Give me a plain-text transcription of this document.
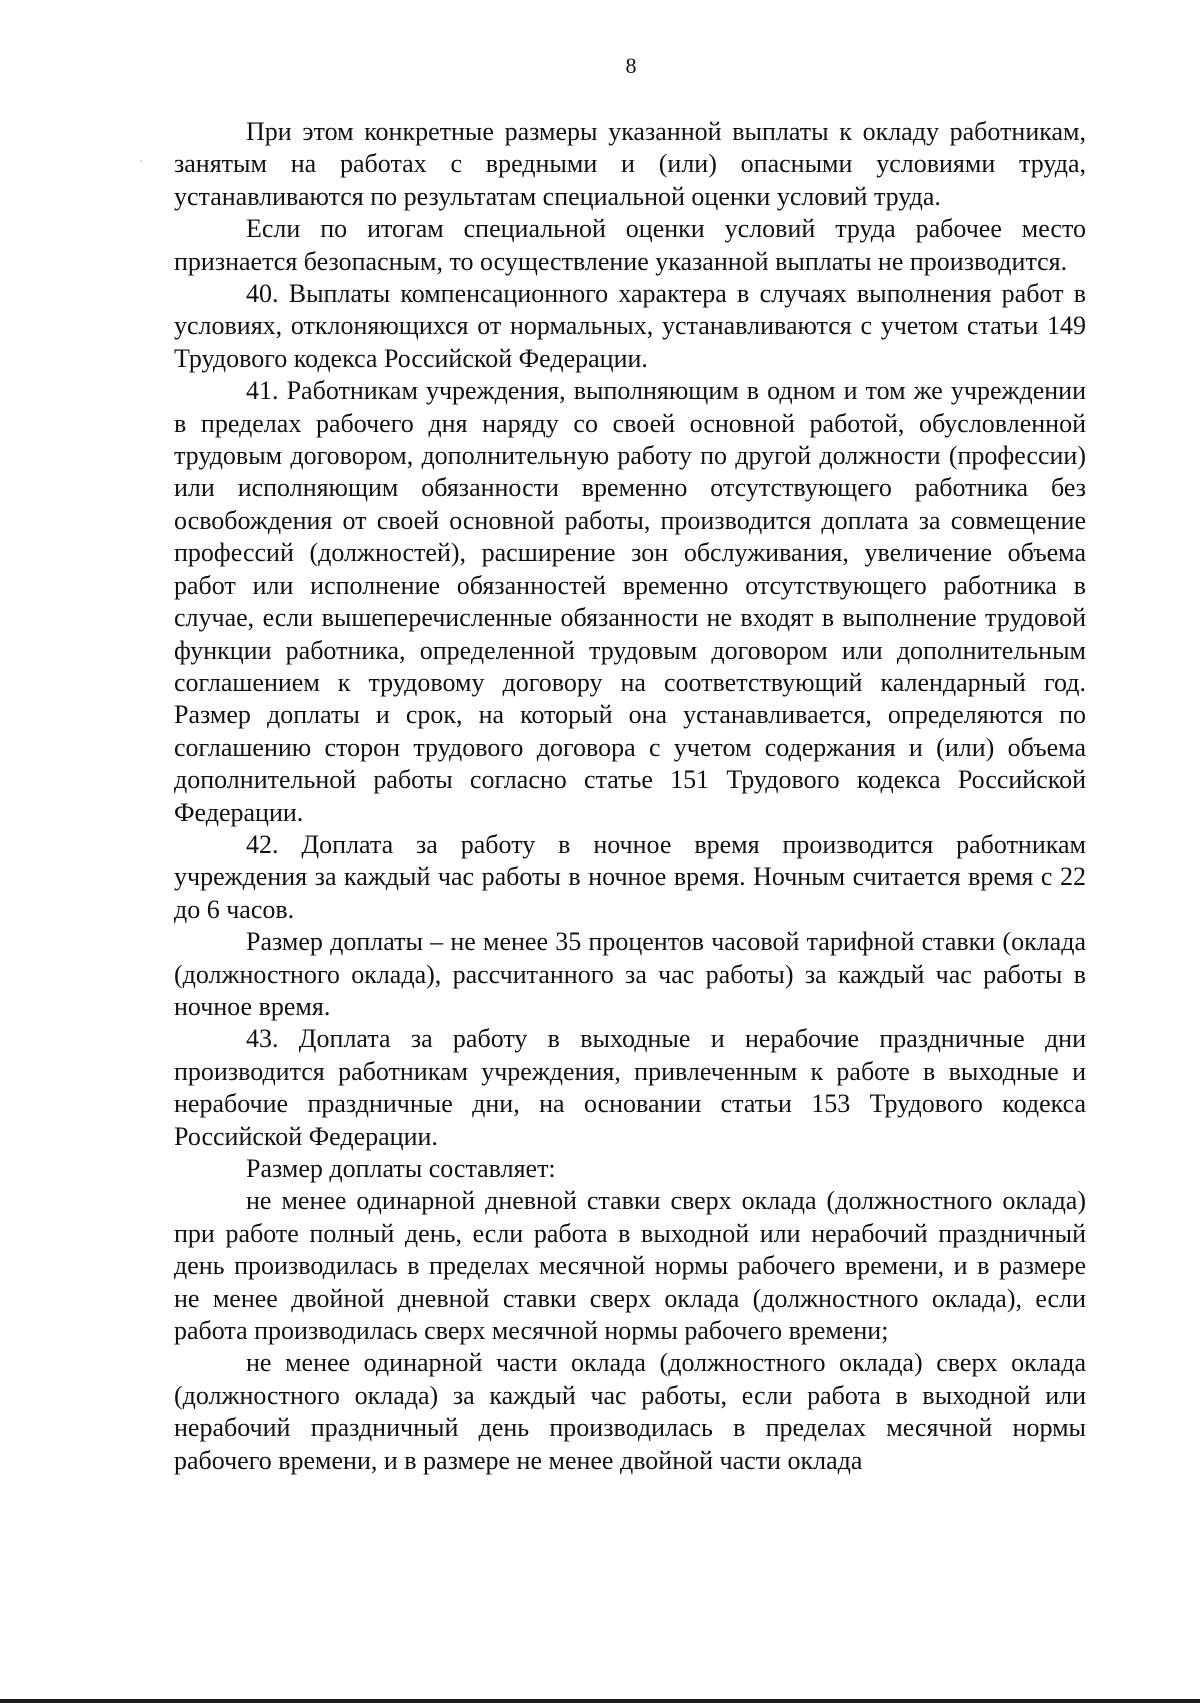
8

При этом конкретные размеры указанной выплаты к окладу работникам, занятым на работах с вредными и (или) опасными условиями труда, устанавливаются по результатам специальной оценки условий труда.

Если по итогам специальной оценки условий труда рабочее место признается безопасным, то осуществление указанной выплаты не производится.

40. Выплаты компенсационного характера в случаях выполнения работ в условиях, отклоняющихся от нормальных, устанавливаются с учетом статьи 149 Трудового кодекса Российской Федерации.

41. Работникам учреждения, выполняющим в одном и том же учреждении в пределах рабочего дня наряду со своей основной работой, обусловленной трудовым договором, дополнительную работу по другой должности (профессии) или исполняющим обязанности временно отсутствующего работника без освобождения от своей основной работы, производится доплата за совмещение профессий (должностей), расширение зон обслуживания, увеличение объема работ или исполнение обязанностей временно отсутствующего работника в случае, если вышеперечисленные обязанности не входят в выполнение трудовой функции работника, определенной трудовым договором или дополнительным соглашением к трудовому договору на соответствующий календарный год. Размер доплаты и срок, на который она устанавливается, определяются по соглашению сторон трудового договора с учетом содержания и (или) объема дополнительной работы согласно статье 151 Трудового кодекса Российской Федерации.

42. Доплата за работу в ночное время производится работникам учреждения за каждый час работы в ночное время. Ночным считается время с 22 до 6 часов.

Размер доплаты – не менее 35 процентов часовой тарифной ставки (оклада (должностного оклада), рассчитанного за час работы) за каждый час работы в ночное время.

43. Доплата за работу в выходные и нерабочие праздничные дни производится работникам учреждения, привлеченным к работе в выходные и нерабочие праздничные дни, на основании статьи 153 Трудового кодекса Российской Федерации.

Размер доплаты составляет:

не менее одинарной дневной ставки сверх оклада (должностного оклада) при работе полный день, если работа в выходной или нерабочий праздничный день производилась в пределах месячной нормы рабочего времени, и в размере не менее двойной дневной ставки сверх оклада (должностного оклада), если работа производилась сверх месячной нормы рабочего времени;

не менее одинарной части оклада (должностного оклада) сверх оклада (должностного оклада) за каждый час работы, если работа в выходной или нерабочий праздничный день производилась в пределах месячной нормы рабочего времени, и в размере не менее двойной части оклада
